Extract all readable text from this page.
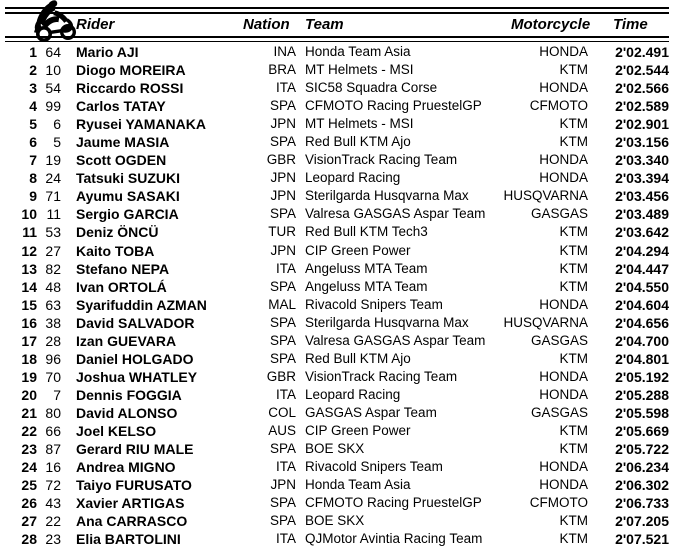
Rider	Nation Team	Motorcycle Time
1 64 Mario AJI	INA Honda Team Asia	HONDA	2'02.491
2 10 Diogo MOREIRA	BRA MT Helmets - MSI	KTM	2'02.544
3 54 Riccardo ROSSI	ITA SIC58 Squadra Corse	HONDA	2'02.566
4 99 Carlos TATAY	SPA CFMOTO Racing PruestelGP	CFMOTO	2'02.589
5	6 Ryusei YAMANAKA	JPN MT Helmets - MSI	KTM	2'02.901
6	5 Jaume MASIA	SPA Red Bull KTM Ajo	KTM	2'03.156
7 19 Scott OGDEN	GBR VisionTrack Racing Team	HONDA	2'03.340
8 24 Tatsuki SUZUKI	JPN Leopard Racing	HONDA	2'03.394
9 71 Ayumu SASAKI	JPN Sterilgarda Husqvarna Max	HUSQVARNA	2'03.456
10 11 Sergio GARCIA	SPA Valresa GASGAS Aspar Team	GASGAS	2'03.489
11 53 Deniz ÖNCÜ	TUR Red Bull KTM Tech3	KTM	2'03.642
12 27 Kaito TOBA	JPN CIP Green Power	KTM	2'04.294
13 82 Stefano NEPA	ITA Angeluss MTA Team	KTM	2'04.447
14 48 Ivan ORTOLÁ	SPA Angeluss MTA Team	KTM	2'04.550
15 63 Syarifuddin AZMAN	MAL Rivacold Snipers Team	HONDA	2'04.604
16 38 David SALVADOR	SPA Sterilgarda Husqvarna Max	HUSQVARNA	2'04.656
17 28 Izan GUEVARA	SPA Valresa GASGAS Aspar Team	GASGAS	2'04.700
18 96 Daniel HOLGADO	SPA Red Bull KTM Ajo	KTM	2'04.801
19 70 Joshua WHATLEY	GBR VisionTrack Racing Team	HONDA	2'05.192
20	7 Dennis FOGGIA	ITA Leopard Racing	HONDA	2'05.288
21 80 David ALONSO	COL GASGAS Aspar Team	GASGAS	2'05.598
22 66 Joel KELSO	AUS CIP Green Power	KTM	2'05.669
23 87 Gerard RIU MALE	SPA BOE SKX	KTM	2'05.722
24 16 Andrea MIGNO	ITA Rivacold Snipers Team	HONDA	2'06.234
25 72 Taiyo FURUSATO	JPN Honda Team Asia	HONDA	2'06.302
26 43 Xavier ARTIGAS	SPA CFMOTO Racing PruestelGP	CFMOTO	2'06.733
27 22 Ana CARRASCO	SPA BOE SKX	KTM	2'07.205
28 23 Elia BARTOLINI	ITA QJMotor Avintia Racing Team	KTM	2'07.521
